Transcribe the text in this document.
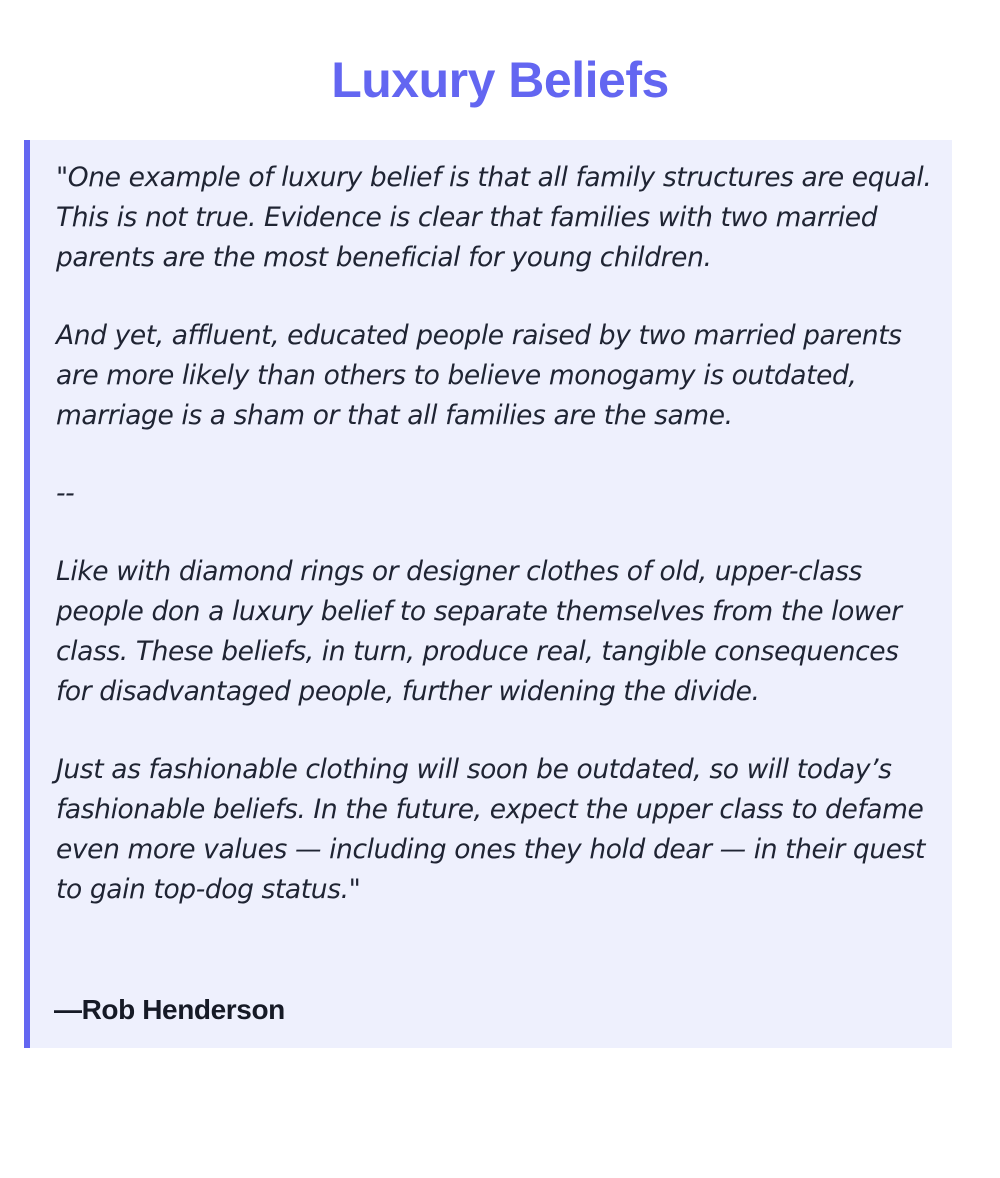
Luxury Beliefs

"One example of luxury belief is that all family structures are equal. This is not true. Evidence is clear that families with two married parents are the most beneficial for young children.

And yet, affluent, educated people raised by two married parents are more likely than others to believe monogamy is outdated, marriage is a sham or that all families are the same.

--

Like with diamond rings or designer clothes of old, upper-class people don a luxury belief to separate themselves from the lower class. These beliefs, in turn, produce real, tangible consequences for disadvantaged people, further widening the divide.

Just as fashionable clothing will soon be outdated, so will today’s fashionable beliefs. In the future, expect the upper class to defame even more values — including ones they hold dear — in their quest to gain top-dog status."

—Rob Henderson
